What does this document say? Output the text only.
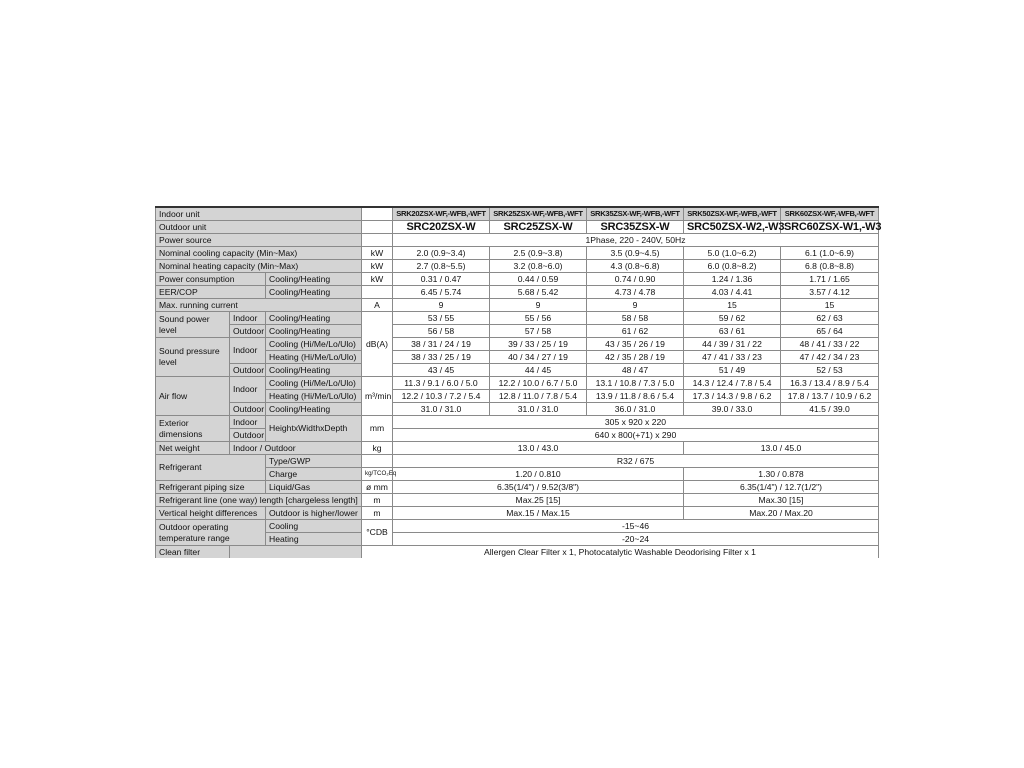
Indoor unit				SRK20ZSX-WF,-WFB,-WFT	SRK25ZSX-WF,-WFB,-WFT	SRK35ZSX-WF,-WFB,-WFT	SRK50ZSX-WF,-WFB,-WFT	SRK60ZSX-WF,-WFB,-WFT
Outdoor unit				SRC20ZSX-W	SRC25ZSX-W	SRC35ZSX-W	SRC50ZSX-W2,-W3	SRC60ZSX-W1,-W3
Power source				1Phase, 220 - 240V, 50Hz				
Nominal cooling capacity (Min~Max)			kW	2.0 (0.9~3.4)	2.5 (0.9~3.8)	3.5 (0.9~4.5)	5.0 (1.0~6.2)	6.1 (1.0~6.9)
Nominal heating capacity (Min~Max)			kW	2.7 (0.8~5.5)	3.2 (0.8~6.0)	4.3 (0.8~6.8)	6.0 (0.8~8.2)	6.8 (0.8~8.8)
Power consumption		Cooling/Heating	kW	0.31 / 0.47	0.44 / 0.59	0.74 / 0.90	1.24 / 1.36	1.71 / 1.65
EER/COP		Cooling/Heating		6.45 / 5.74	5.68 / 5.42	4.73 / 4.78	4.03 / 4.41	3.57 / 4.12
Max. running current			A	9	9	9	15	15
Sound power level	Indoor	Cooling/Heating	dB(A)	53 / 55	55 / 56	58 / 58	59 / 62	62 / 63
	Outdoor	Cooling/Heating		56 / 58	57 / 58	61 / 62	63 / 61	65 / 64
Sound pressure level	Indoor	Cooling (Hi/Me/Lo/Ulo)		38 / 31 / 24 / 19	39 / 33 / 25 / 19	43 / 35 / 26 / 19	44 / 39 / 31 / 22	48 / 41 / 33 / 22
		Heating (Hi/Me/Lo/Ulo)		38 / 33 / 25 / 19	40 / 34 / 27 / 19	42 / 35 / 28 / 19	47 / 41 / 33 / 23	47 / 42 / 34 / 23
	Outdoor	Cooling/Heating		43 / 45	44 / 45	48 / 47	51 / 49	52 / 53
Air flow	Indoor	Cooling (Hi/Me/Lo/Ulo)	m³/min	11.3 / 9.1 / 6.0 / 5.0	12.2 / 10.0 / 6.7 / 5.0	13.1 / 10.8 / 7.3 / 5.0	14.3 / 12.4 / 7.8 / 5.4	16.3 / 13.4 / 8.9 / 5.4
		Heating (Hi/Me/Lo/Ulo)		12.2 / 10.3 / 7.2 / 5.4	12.8 / 11.0 / 7.8 / 5.4	13.9 / 11.8 / 8.6 / 5.4	17.3 / 14.3 / 9.8 / 6.2	17.8 / 13.7 / 10.9 / 6.2
	Outdoor	Cooling/Heating		31.0 / 31.0	31.0 / 31.0	36.0 / 31.0	39.0 / 33.0	41.5 / 39.0
Exterior dimensions	Indoor	HeightxWidthxDepth	mm	305 x 920 x 220				
	Outdoor			640 x 800(+71) x 290				
Net weight	Indoor / Outdoor		kg	13.0 / 43.0			13.0 / 45.0	
Refrigerant		Type/GWP		R32 / 675				
		Charge	kg/TCO₂Eq	1.20 / 0.810			1.30 / 0.878	
Refrigerant piping size		Liquid/Gas	ø mm	6.35(1/4") / 9.52(3/8")			6.35(1/4") / 12.7(1/2")	
Refrigerant line (one way) length [chargeless length]			m	Max.25 [15]			Max.30 [15]	
Vertical height differences		Outdoor is higher/lower	m	Max.15 / Max.15			Max.20 / Max.20	
Outdoor operating temperature range		Cooling	°CDB	-15~46				
		Heating		-20~24				
Clean filter			Allergen Clear Filter x 1, Photocatalytic Washable Deodorising Filter x 1					
